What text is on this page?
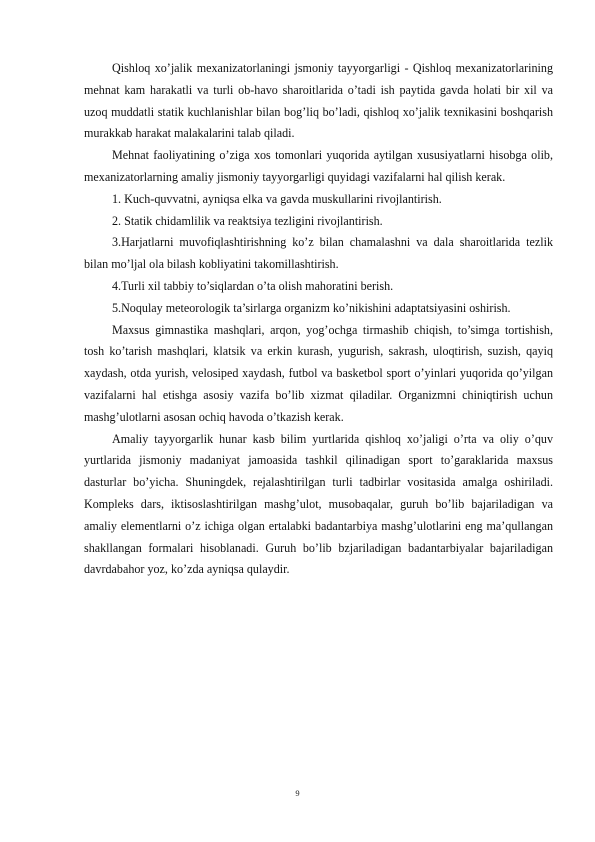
Qishloq xo’jalik mexanizatorlaningi jsmoniy tayyorgarligi - Qishloq mexanizatorlarining mehnat kam harakatli va turli ob-havo sharoitlarida o’tadi ish paytida gavda holati bir xil va uzoq muddatli statik kuchlanishlar bilan bog’liq bo’ladi, qishloq xo’jalik texnikasini boshqarish murakkab harakat malakalarini talab qiladi.

Mehnat faoliyatining o’ziga xos tomonlari yuqorida aytilgan xususiyatlarni hisobga olib, mexanizatorlarning amaliy jismoniy tayyorgarligi quyidagi vazifalarni hal qilish kerak.

1. Kuch-quvvatni, ayniqsa elka va gavda muskullarini rivojlantirish.

2. Statik chidamlilik va reaktsiya tezligini rivojlantirish.

3.Harjatlarni muvofiqlashtirishning ko’z bilan chamalashni va dala sharoitlarida tezlik bilan mo’ljal ola bilash kobliyatini takomillashtirish.

4.Turli xil tabbiy to’siqlardan o’ta olish mahoratini berish.

5.Noqulay meteorologik ta’sirlarga organizm ko’nikishini adaptatsiyasini oshirish.

Maxsus gimnastika mashqlari, arqon, yog’ochga tirmashib chiqish, to’simga tortishish, tosh ko’tarish mashqlari, klatsik va erkin kurash, yugurish, sakrash, uloqtirish, suzish, qayiq xaydash, otda yurish, velosiped xaydash, futbol va basketbol sport o’yinlari yuqorida qo’yilgan vazifalarni hal etishga asosiy vazifa bo’lib xizmat qiladilar. Organizmni chiniqtirish uchun mashg’ulotlarni asosan ochiq havoda o’tkazish kerak.

Amaliy tayyorgarlik hunar kasb bilim yurtlarida qishloq xo’jaligi o’rta va oliy o’quv yurtlarida jismoniy madaniyat jamoasida tashkil qilinadigan sport to’garaklarida maxsus dasturlar bo’yicha. Shuningdek, rejalashtirilgan turli tadbirlar vositasida amalga oshiriladi. Kompleks dars, iktisoslashtirilgan mashg’ulot, musobaqalar, guruh bo’lib bajariladigan va amaliy elementlarni o’z ichiga olgan ertalabki badantarbiya mashg’ulotlarini eng ma’qullangan shakllangan formalari hisoblanadi. Guruh bo’lib bzjariladigan badantarbiyalar bajariladigan davrdabahor yoz, ko’zda ayniqsa qulaydir.

9
